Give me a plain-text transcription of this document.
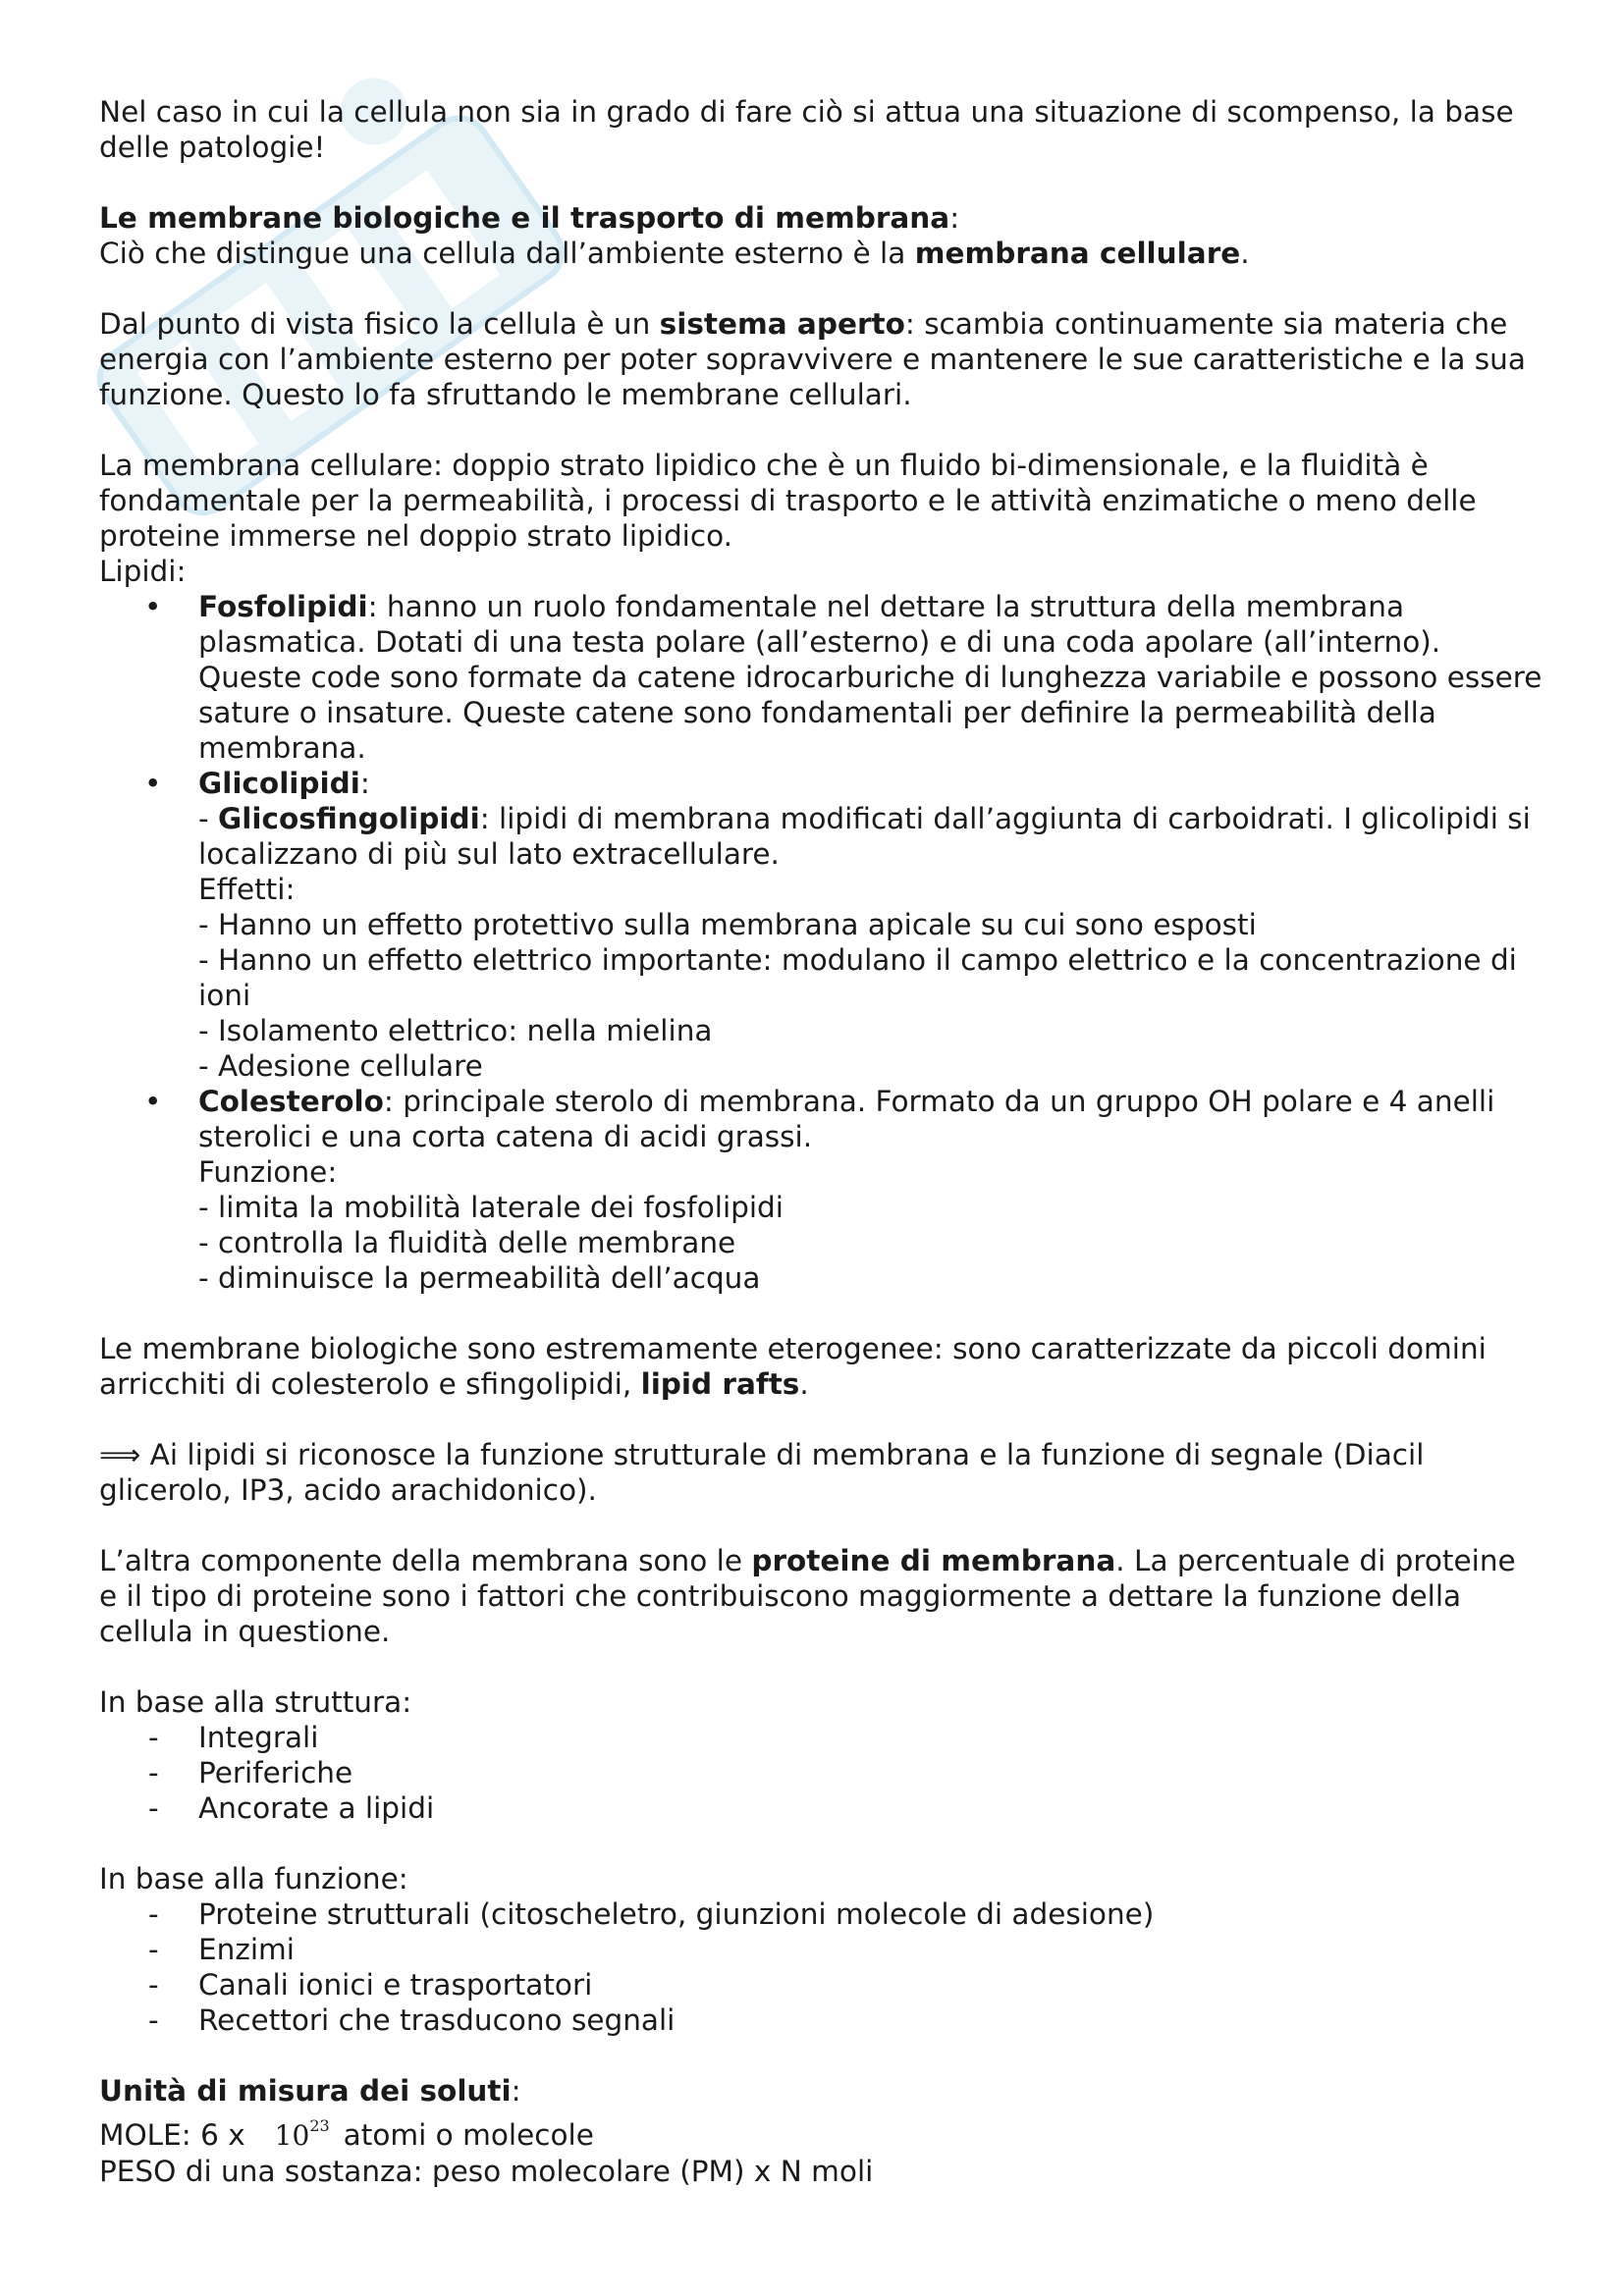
Nel caso in cui la cellula non sia in grado di fare ciò si attua una situazione di scompenso, la base delle patologie!

Le membrane biologiche e il trasporto di membrana:

Ciò che distingue una cellula dall’ambiente esterno è la membrana cellulare.

Dal punto di vista fisico la cellula è un sistema aperto: scambia continuamente sia materia che energia con l’ambiente esterno per poter sopravvivere e mantenere le sue caratteristiche e la sua funzione. Questo lo fa sfruttando le membrane cellulari.

La membrana cellulare: doppio strato lipidico che è un fluido bi-dimensionale, e la fluidità è fondamentale per la permeabilità, i processi di trasporto e le attività enzimatiche o meno delle proteine immerse nel doppio strato lipidico.

Lipidi:

• Fosfolipidi: hanno un ruolo fondamentale nel dettare la struttura della membrana plasmatica. Dotati di una testa polare (all’esterno) e di una coda apolare (all’interno). Queste code sono formate da catene idrocarburiche di lunghezza variabile e possono essere sature o insature. Queste catene sono fondamentali per definire la permeabilità della membrana.
• Glicolipidi:
- Glicosfingolipidi: lipidi di membrana modificati dall’aggiunta di carboidrati. I glicolipidi si localizzano di più sul lato extracellulare.
Effetti:
- Hanno un effetto protettivo sulla membrana apicale su cui sono esposti
- Hanno un effetto elettrico importante: modulano il campo elettrico e la concentrazione di ioni
- Isolamento elettrico: nella mielina
- Adesione cellulare
• Colesterolo: principale sterolo di membrana. Formato da un gruppo OH polare e 4 anelli sterolici e una corta catena di acidi grassi.
Funzione:
- limita la mobilità laterale dei fosfolipidi
- controlla la fluidità delle membrane
- diminuisce la permeabilità dell’acqua

Le membrane biologiche sono estremamente eterogenee: sono caratterizzate da piccoli domini arricchiti di colesterolo e sfingolipidi, lipid rafts.

⟹ Ai lipidi si riconosce la funzione strutturale di membrana e la funzione di segnale (Diacil glicerolo, IP3, acido arachidonico).

L’altra componente della membrana sono le proteine di membrana. La percentuale di proteine e il tipo di proteine sono i fattori che contribuiscono maggiormente a dettare la funzione della cellula in questione.

In base alla struttura:

- Integrali
- Periferiche
- Ancorate a lipidi

In base alla funzione:

- Proteine strutturali (citoscheletro, giunzioni molecole di adesione)
- Enzimi
- Canali ionici e trasportatori
- Recettori che trasducono segnali

Unità di misura dei soluti:

MOLE: 6 x $10^{23}$ atomi o molecole

PESO di una sostanza: peso molecolare (PM) x N moli
